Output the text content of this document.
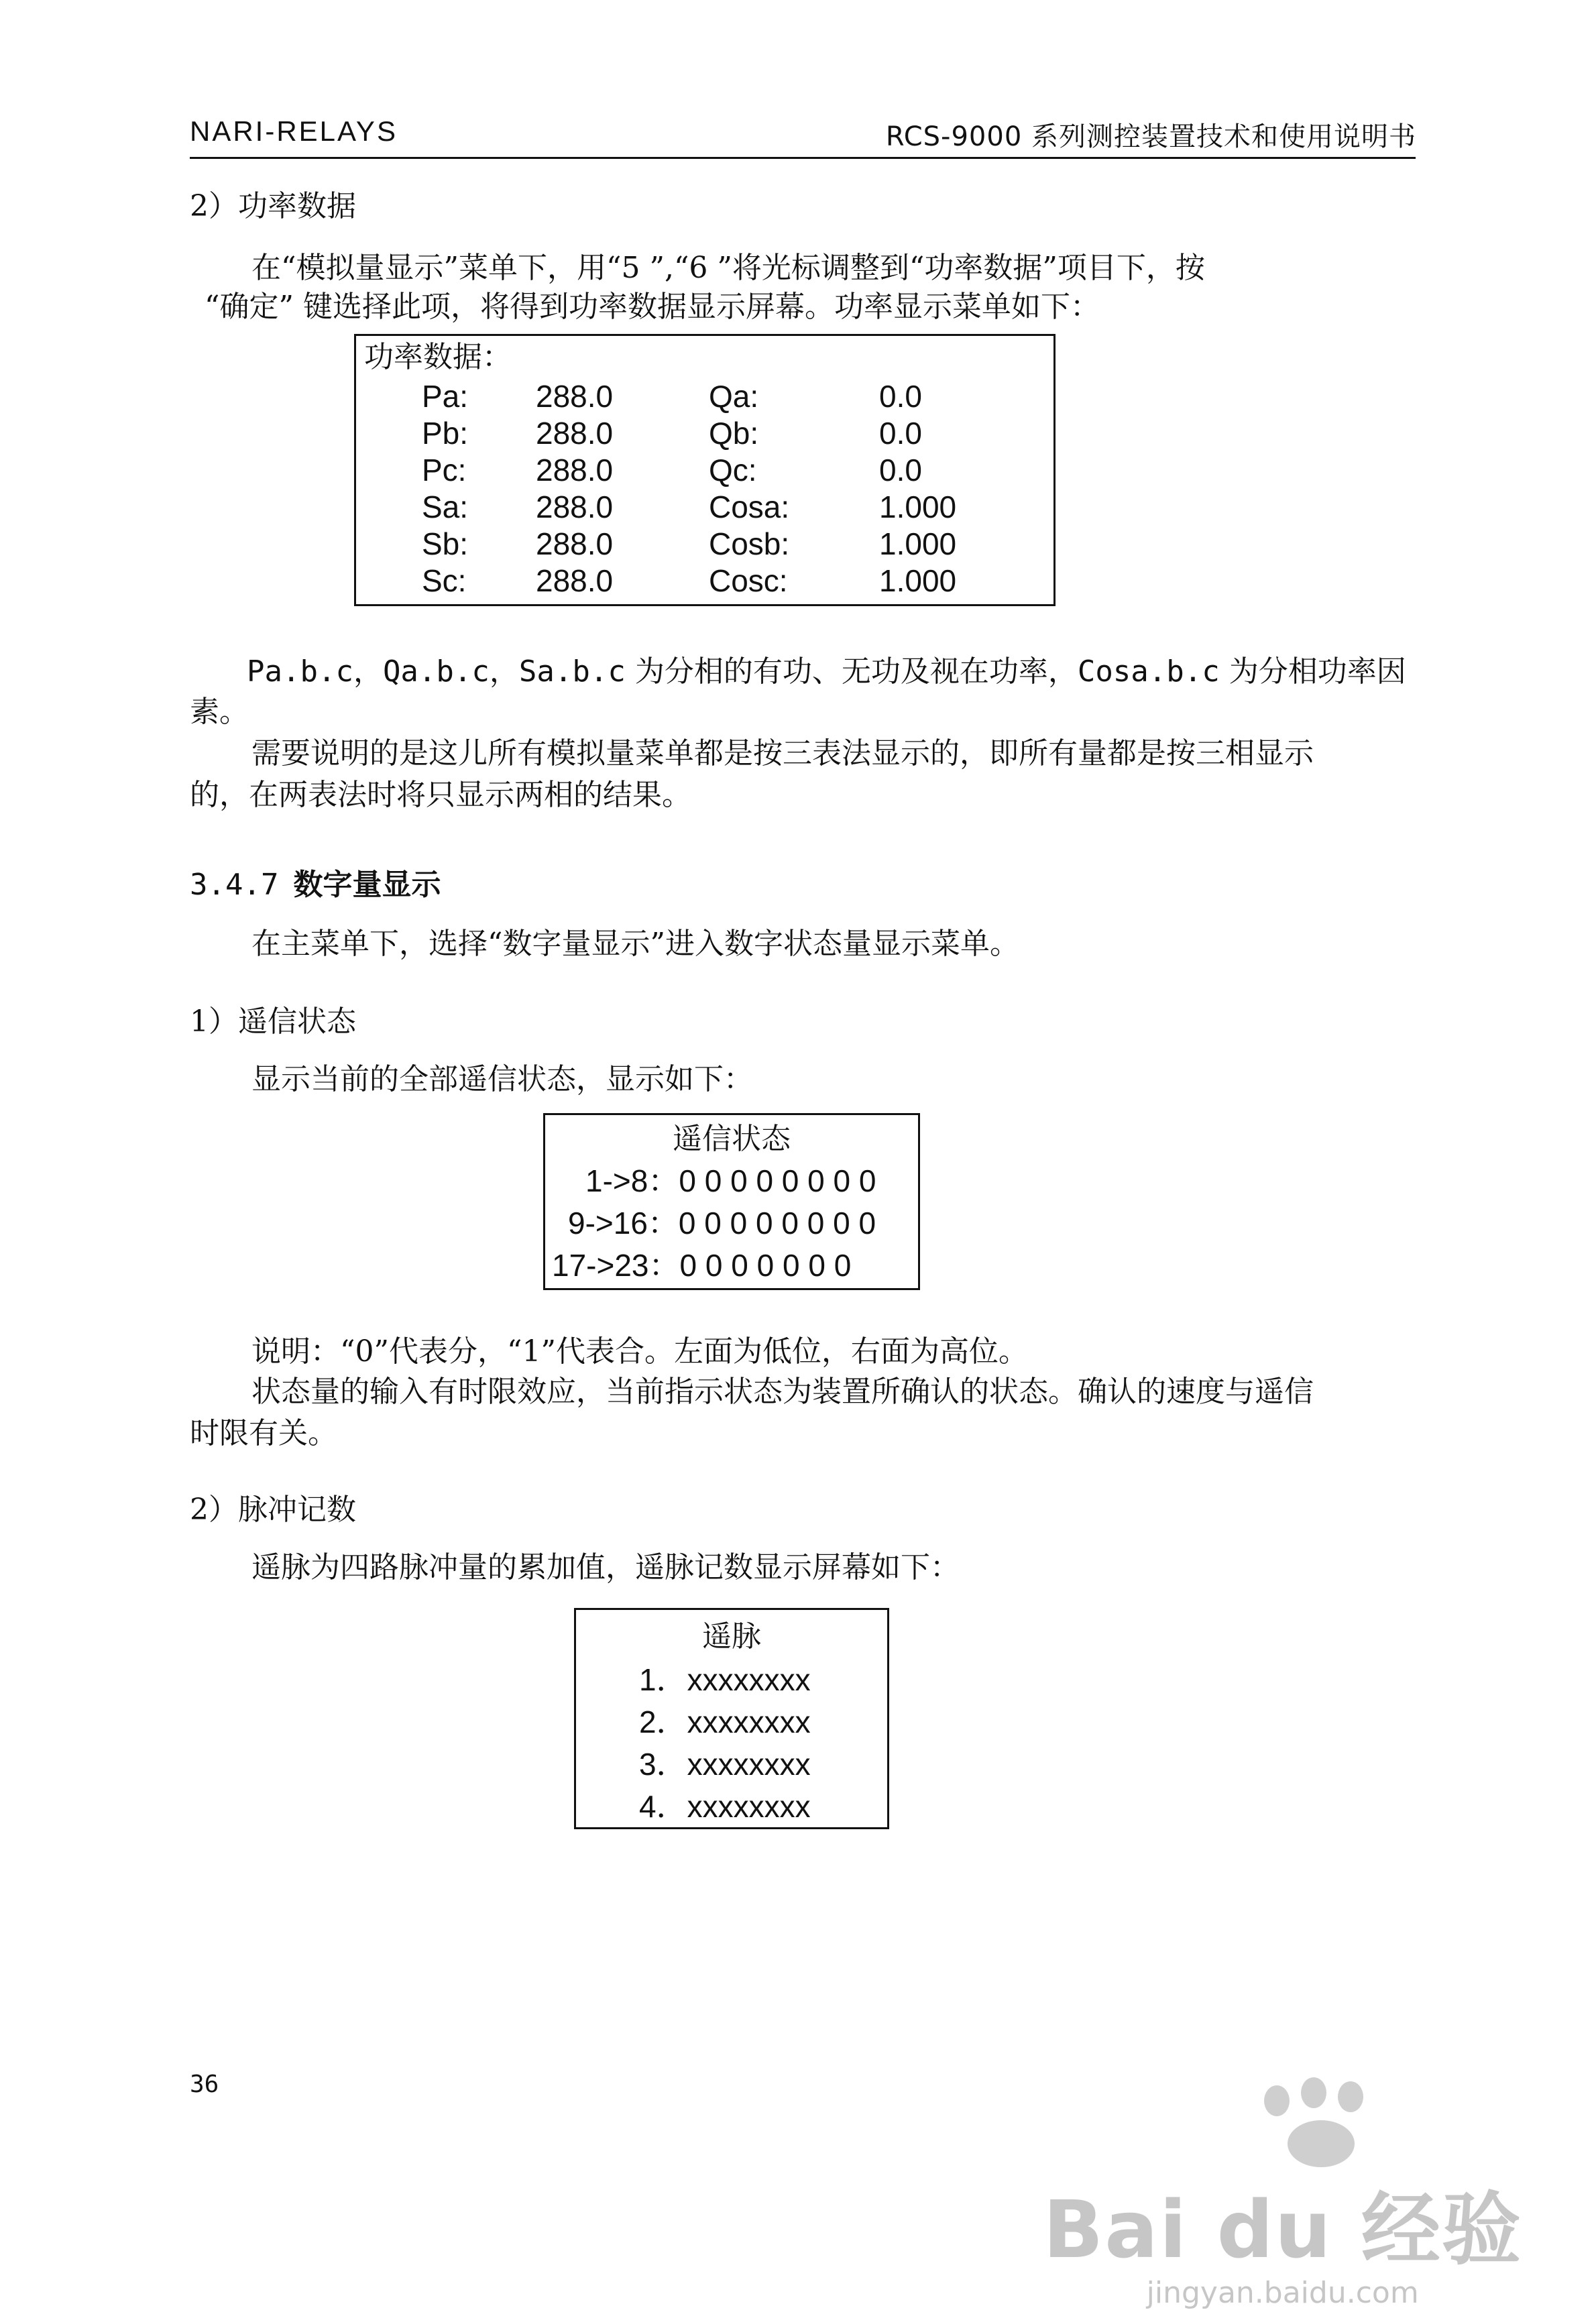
NARI-RELAYS	RCS-9000 系列测控装置技术和使用说明书
2）功率数据
在“模拟量显示”菜单下，用“5 ”,“6 ”将光标调整到“功率数据”项目下，按
“确定” 键选择此项，将得到功率数据显示屏幕。功率显示菜单如下：
功率数据：
Pa: 288.0	Qa:	0.0
Pb: 288.0	Qb:	0.0
Pc: 288.0	Qc:	0.0
Sa: 288.0	Cosa:	1.000
Sb: 288.0	Cosb:	1.000
Sc: 288.0	Cosc:	1.000
Pa.b.c，Qa.b.c，Sa.b.c 为分相的有功、无功及视在功率，Cosa.b.c 为分相功率因
素。
需要说明的是这儿所有模拟量菜单都是按三表法显示的，即所有量都是按三相显示
的，在两表法时将只显示两相的结果。
3.4.7 数字量显示
在主菜单下，选择“数字量显示”进入数字状态量显示菜单。
1）遥信状态
显示当前的全部遥信状态，显示如下：
遥信状态
1->8：0 0 0 0 0 0 0 0
9->16：0 0 0 0 0 0 0 0
17->23：0 0 0 0 0 0 0
说明：“0”代表分，“1”代表合。左面为低位，右面为高位。
状态量的输入有时限效应，当前指示状态为装置所确认的状态。确认的速度与遥信
时限有关。
2）脉冲记数
遥脉为四路脉冲量的累加值，遥脉记数显示屏幕如下：
遥脉
1．xxxxxxxx
2．xxxxxxxx
3．xxxxxxxx
4．xxxxxxxx
36
Bai du 经验
jingyan.baidu.com
